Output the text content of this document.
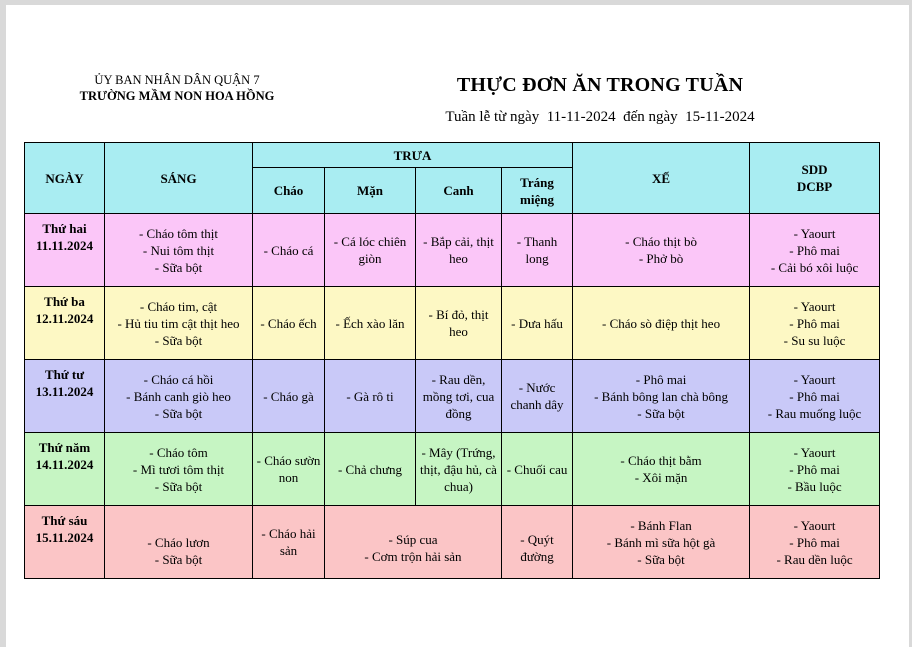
ỦY BAN NHÂN DÂN QUẬN 7
TRƯỜNG MẦM NON HOA HỒNG	THỰC ĐƠN ĂN TRONG TUẦN
Tuần lễ từ ngày  11-11-2024  đến ngày  15-11-2024
NGÀY	SÁNG	TRƯA				XẾ	SDD
DCBP

		Cháo	Mặn	Canh	Tráng
miệng		

Thứ hai
11.11.2024	- Cháo tôm thịt
- Nui tôm thịt
- Sữa bột	- Cháo cá	- Cá lóc chiên giòn	- Bắp cải, thịt heo	- Thanh long	- Cháo thịt bò
- Phở bò	- Yaourt
- Phô mai
- Cải bó xôi luộc

Thứ ba
12.11.2024	- Cháo tim, cật
- Hủ tiu tim cật thịt heo
- Sữa bột	- Cháo ếch	- Ếch xào lăn	- Bí đỏ, thịt heo	- Dưa hấu	- Cháo sò điệp thịt heo	- Yaourt
- Phô mai
- Su su luộc

Thứ tư
13.11.2024	- Cháo cá hồi
- Bánh canh giò heo
- Sữa bột	- Cháo gà	- Gà rô ti	- Rau dền, mồng tơi, cua đồng	- Nước chanh dây	- Phô mai
- Bánh bông lan chà bông
- Sữa bột	- Yaourt
- Phô mai
- Rau muống luộc

Thứ năm
14.11.2024	- Cháo tôm
- Mì tươi tôm thịt
- Sữa bột	- Cháo sườn non	- Chả chưng	- Mây (Trứng, thịt, đậu hủ, cà chua)	- Chuối cau	- Cháo thịt bằm
- Xôi mặn	- Yaourt
- Phô mai
- Bầu luộc

Thứ sáu
15.11.2024	- Cháo lươn
- Sữa bột	- Cháo hải sản	- Súp cua
- Cơm trộn hải sản		- Quýt đường	- Bánh Flan
- Bánh mì sữa hột gà
- Sữa bột	- Yaourt
- Phô mai
- Rau dền luộc
